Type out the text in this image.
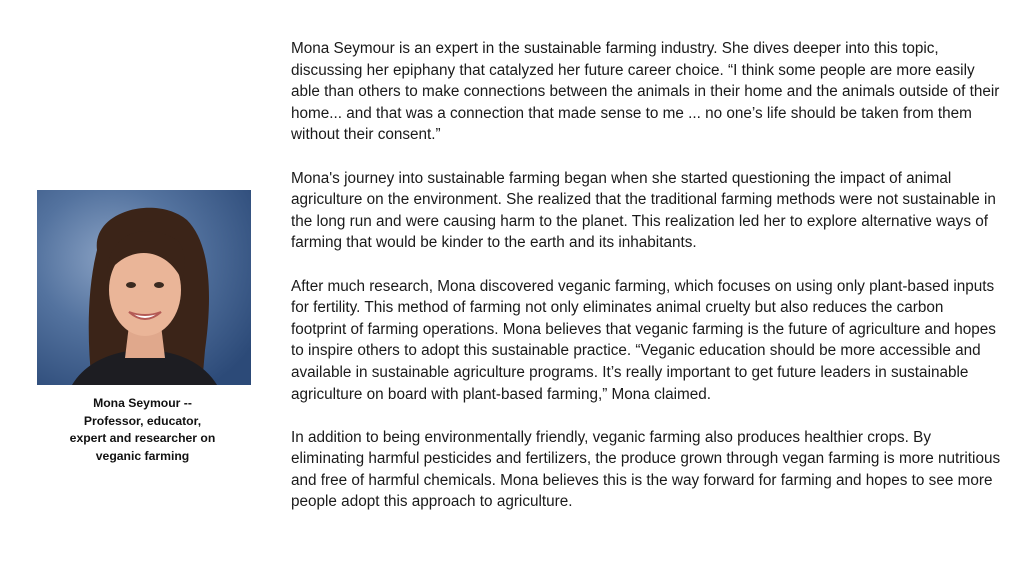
Mona Seymour --
Professor, educator,
expert and researcher on
veganic farming

Mona Seymour is an expert in the sustainable farming industry. She dives deeper into this topic, discussing her epiphany that catalyzed her future career choice. “I think some people are more easily able than others to make connections between the animals in their home and the animals outside of their home... and that was a connection that made sense to me ... no one’s life should be taken from them without their consent.”

Mona's journey into sustainable farming began when she started questioning the impact of animal agriculture on the environment. She realized that the traditional farming methods were not sustainable in the long run and were causing harm to the planet. This realization led her to explore alternative ways of farming that would be kinder to the earth and its inhabitants.

After much research, Mona discovered veganic farming, which focuses on using only plant-based inputs for fertility. This method of farming not only eliminates animal cruelty but also reduces the carbon footprint of farming operations. Mona believes that veganic farming is the future of agriculture and hopes to inspire others to adopt this sustainable practice. “Veganic education should be more accessible and available in sustainable agriculture programs. It’s really important to get future leaders in sustainable agriculture on board with plant-based farming,” Mona claimed.

In addition to being environmentally friendly, veganic farming also produces healthier crops. By eliminating harmful pesticides and fertilizers, the produce grown through vegan farming is more nutritious and free of harmful chemicals. Mona believes this is the way forward for farming and hopes to see more people adopt this approach to agriculture.
